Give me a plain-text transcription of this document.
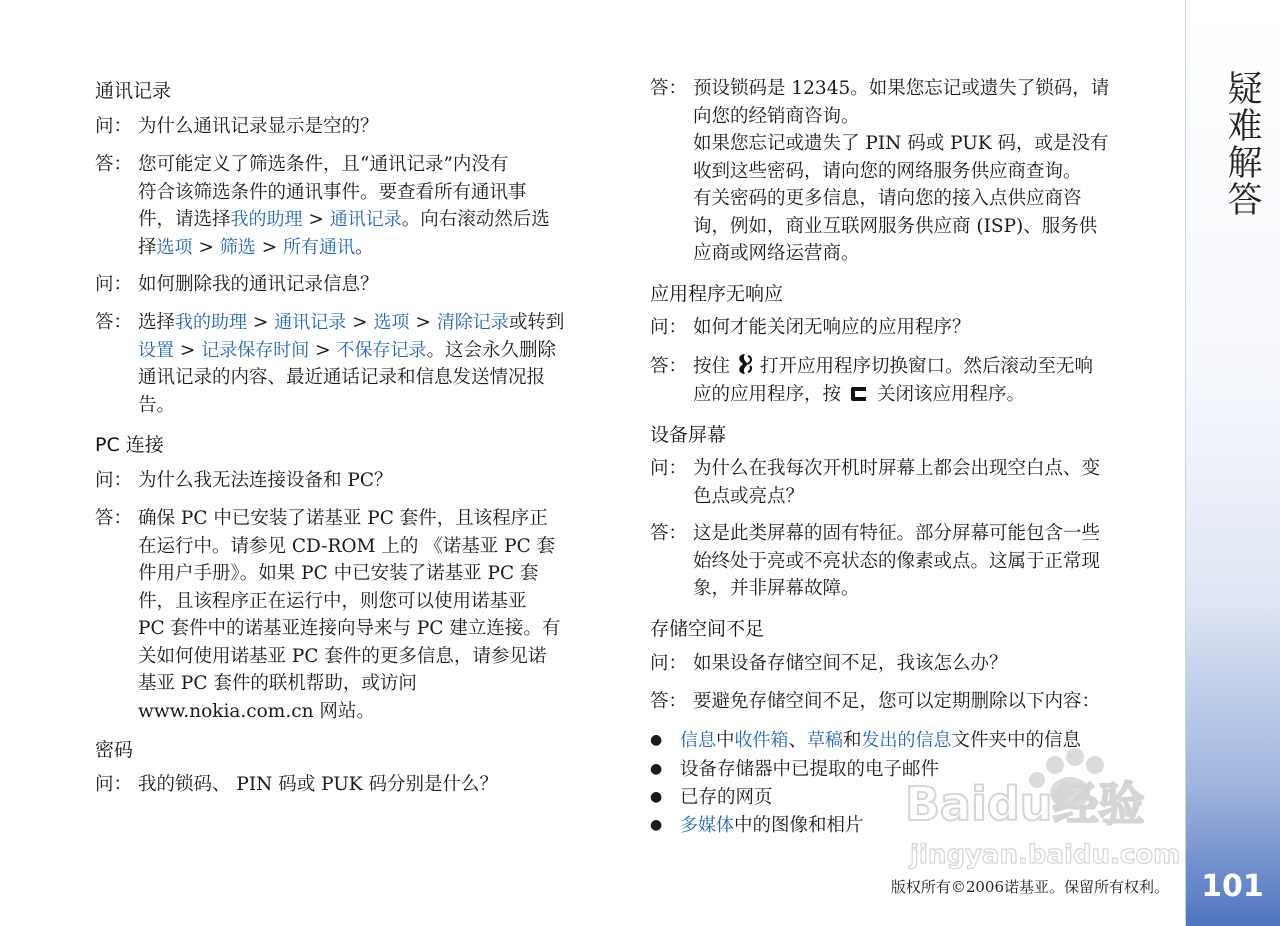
通讯记录
问： 为什么通讯记录显示是空的？
答： 您可能定义了筛选条件，且“通讯记录”内没有
符合该筛选条件的通讯事件。要查看所有通讯事
件，请选择我的助理 > 通讯记录。向右滚动然后选
择选项 > 筛选 > 所有通讯。
问： 如何删除我的通讯记录信息？
答： 选择我的助理 > 通讯记录 > 选项 > 清除记录或转到
设置 > 记录保存时间 > 不保存记录。这会永久删除
通讯记录的内容、最近通话记录和信息发送情况报
告。
PC 连接
问： 为什么我无法连接设备和 PC？
答： 确保 PC 中已安装了诺基亚 PC 套件，且该程序正
在运行中。请参见 CD-ROM 上的 《诺基亚 PC 套
件用户手册》。如果 PC 中已安装了诺基亚 PC 套
件，且该程序正在运行中，则您可以使用诺基亚
PC 套件中的诺基亚连接向导来与 PC 建立连接。有
关如何使用诺基亚 PC 套件的更多信息，请参见诺
基亚 PC 套件的联机帮助，或访问
www.nokia.com.cn 网站。
密码
问： 我的锁码、 PIN 码或 PUK 码分别是什么？
答： 预设锁码是 12345。如果您忘记或遗失了锁码，请
向您的经销商咨询。
如果您忘记或遗失了 PIN 码或 PUK 码，或是没有
收到这些密码，请向您的网络服务供应商查询。
有关密码的更多信息，请向您的接入点供应商咨
询，例如，商业互联网服务供应商 (ISP)、服务供
应商或网络运营商。
应用程序无响应
问： 如何才能关闭无响应的应用程序？
答： 按住 打开应用程序切换窗口。然后滚动至无响
应的应用程序，按 关闭该应用程序。
设备屏幕
问： 为什么在我每次开机时屏幕上都会出现空白点、变
色点或亮点？
答： 这是此类屏幕的固有特征。部分屏幕可能包含一些
始终处于亮或不亮状态的像素或点。这属于正常现
象，并非屏幕故障。
存储空间不足
问： 如果设备存储空间不足，我该怎么办？
答： 要避免存储空间不足，您可以定期删除以下内容：
● 信息中收件箱、草稿和发出的信息文件夹中的信息
● 设备存储器中已提取的电子邮件
● 已存的网页
● 多媒体中的图像和相片
疑难解答
101
版权所有©2006诺基亚。保留所有权利。
Baidu经验
jingyan.baidu.com
